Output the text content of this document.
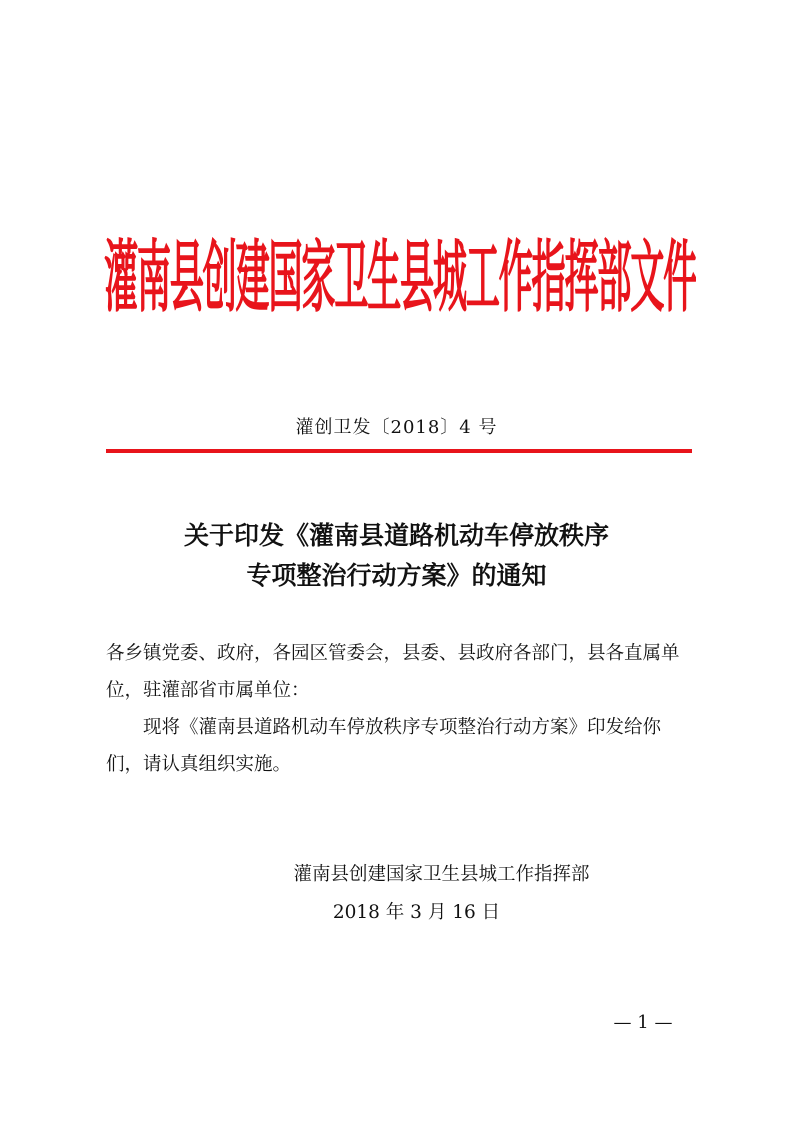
灌南县创建国家卫生县城工作指挥部文件
灌创卫发〔2018〕4 号
关于印发《灌南县道路机动车停放秩序
专项整治行动方案》的通知

各乡镇党委、政府，各园区管委会，县委、县政府各部门，县各直属单位，驻灌部省市属单位：

现将《灌南县道路机动车停放秩序专项整治行动方案》印发给你们，请认真组织实施。

灌南县创建国家卫生县城工作指挥部
2018 年 3 月 16 日
— 1 —
